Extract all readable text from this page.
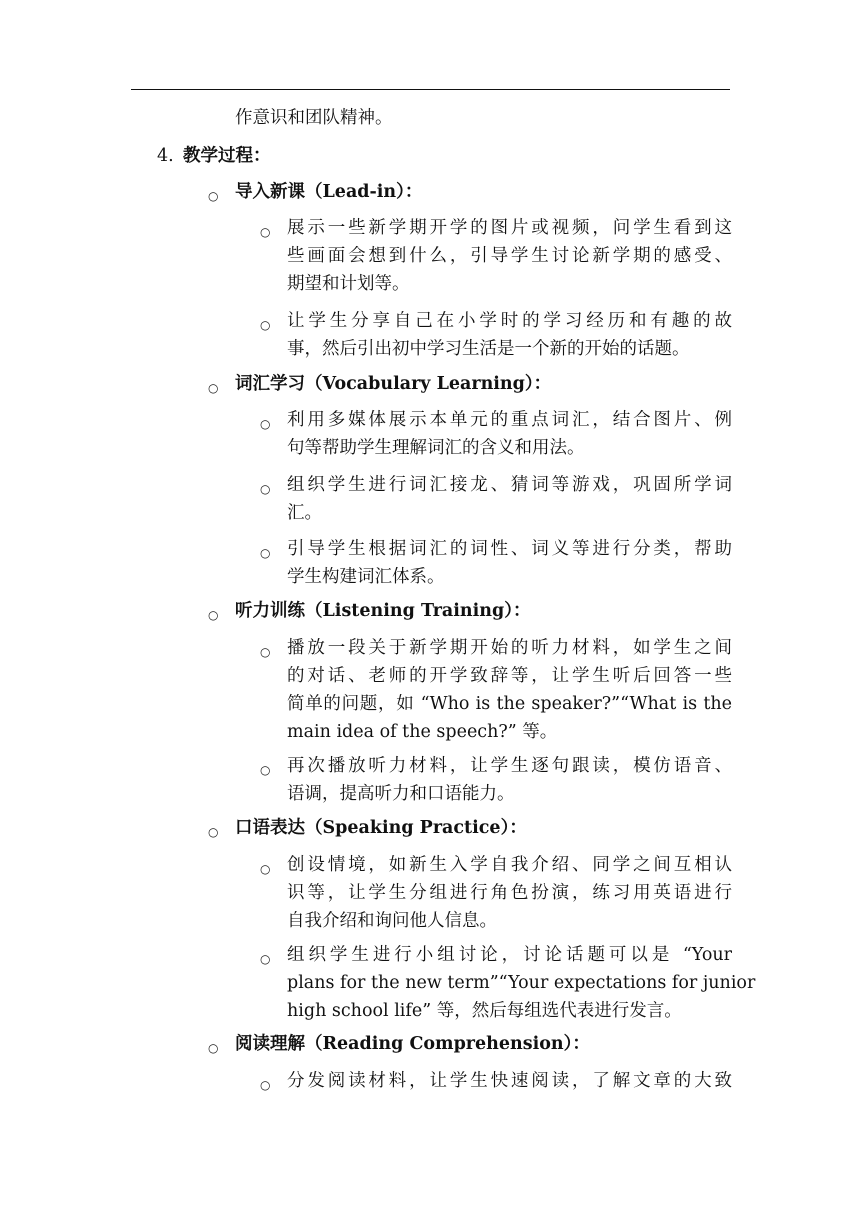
作意识和团队精神。
4. 教学过程：
○ 导入新课（Lead-in）：
○ 展示一些新学期开学的图片或视频，问学生看到这
些画面会想到什么，引导学生讨论新学期的感受、
期望和计划等。
○ 让学生分享自己在小学时的学习经历和有趣的故
事，然后引出初中学习生活是一个新的开始的话题。
○ 词汇学习（Vocabulary Learning）：
○ 利用多媒体展示本单元的重点词汇，结合图片、例
句等帮助学生理解词汇的含义和用法。
○ 组织学生进行词汇接龙、猜词等游戏，巩固所学词
汇。
○ 引导学生根据词汇的词性、词义等进行分类，帮助
学生构建词汇体系。
○ 听力训练（Listening Training）：
○ 播放一段关于新学期开始的听力材料，如学生之间
的对话、老师的开学致辞等，让学生听后回答一些
简单的问题，如 “Who is the speaker?”“What is the
main idea of the speech?” 等。
○ 再次播放听力材料，让学生逐句跟读，模仿语音、
语调，提高听力和口语能力。
○ 口语表达（Speaking Practice）：
○ 创设情境，如新生入学自我介绍、同学之间互相认
识等，让学生分组进行角色扮演，练习用英语进行
自我介绍和询问他人信息。
○ 组织学生进行小组讨论，讨论话题可以是 “Your
plans for the new term”“Your expectations for junior
high school life” 等，然后每组选代表进行发言。
○ 阅读理解（Reading Comprehension）：
○ 分发阅读材料，让学生快速阅读，了解文章的大致
